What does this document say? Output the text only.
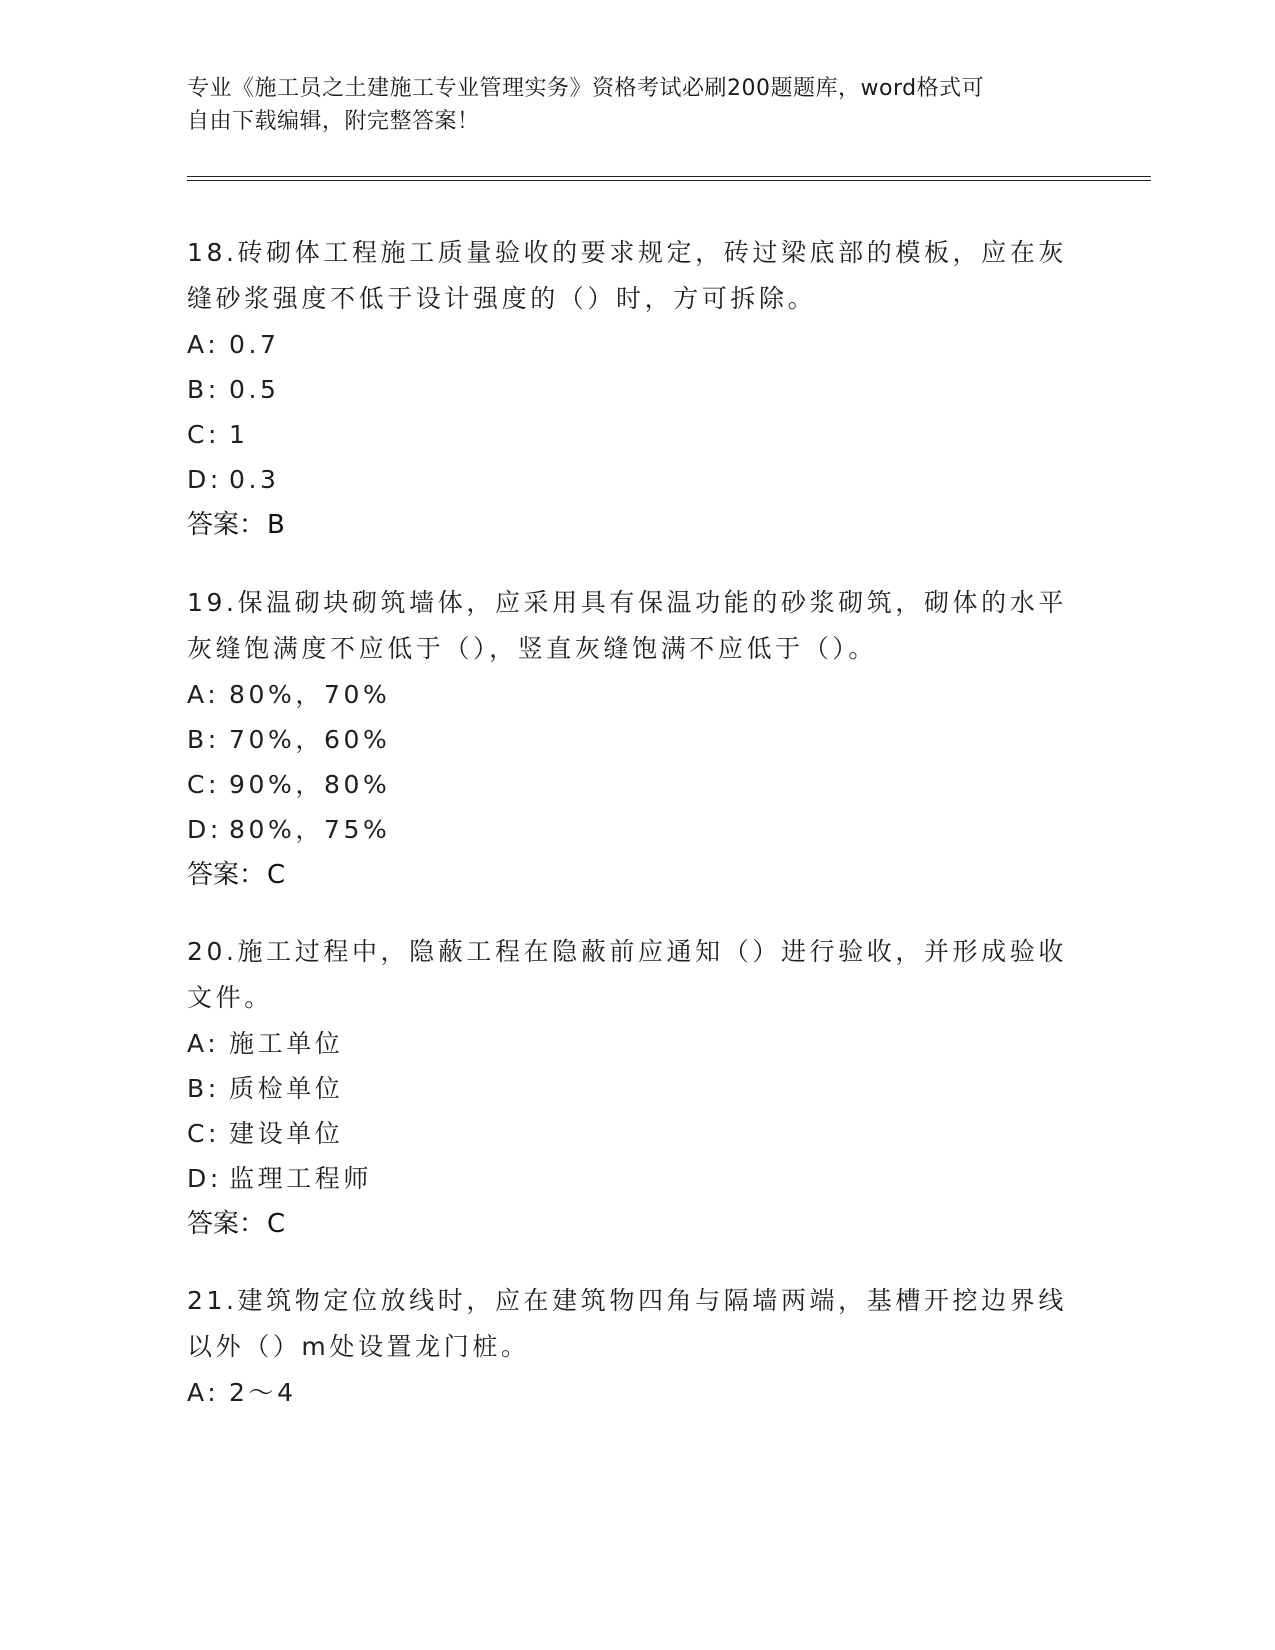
专业《施工员之土建施工专业管理实务》资格考试必刷200题题库，word格式可
自由下载编辑，附完整答案！

18.砖砌体工程施工质量验收的要求规定，砖过梁底部的模板，应在灰

缝砂浆强度不低于设计强度的（）时，方可拆除。

A: 0.7

B: 0.5

C: 1

D: 0.3

答案：B

19.保温砌块砌筑墙体，应采用具有保温功能的砂浆砌筑，砌体的水平

灰缝饱满度不应低于（），竖直灰缝饱满不应低于（）。

A: 80%，70%

B: 70%，60%

C: 90%，80%

D: 80%，75%

答案：C

20.施工过程中，隐蔽工程在隐蔽前应通知（）进行验收，并形成验收

文件。

A: 施工单位

B: 质检单位

C: 建设单位

D: 监理工程师

答案：C

21.建筑物定位放线时，应在建筑物四角与隔墙两端，基槽开挖边界线

以外（）m处设置龙门桩。

A: 2～4
